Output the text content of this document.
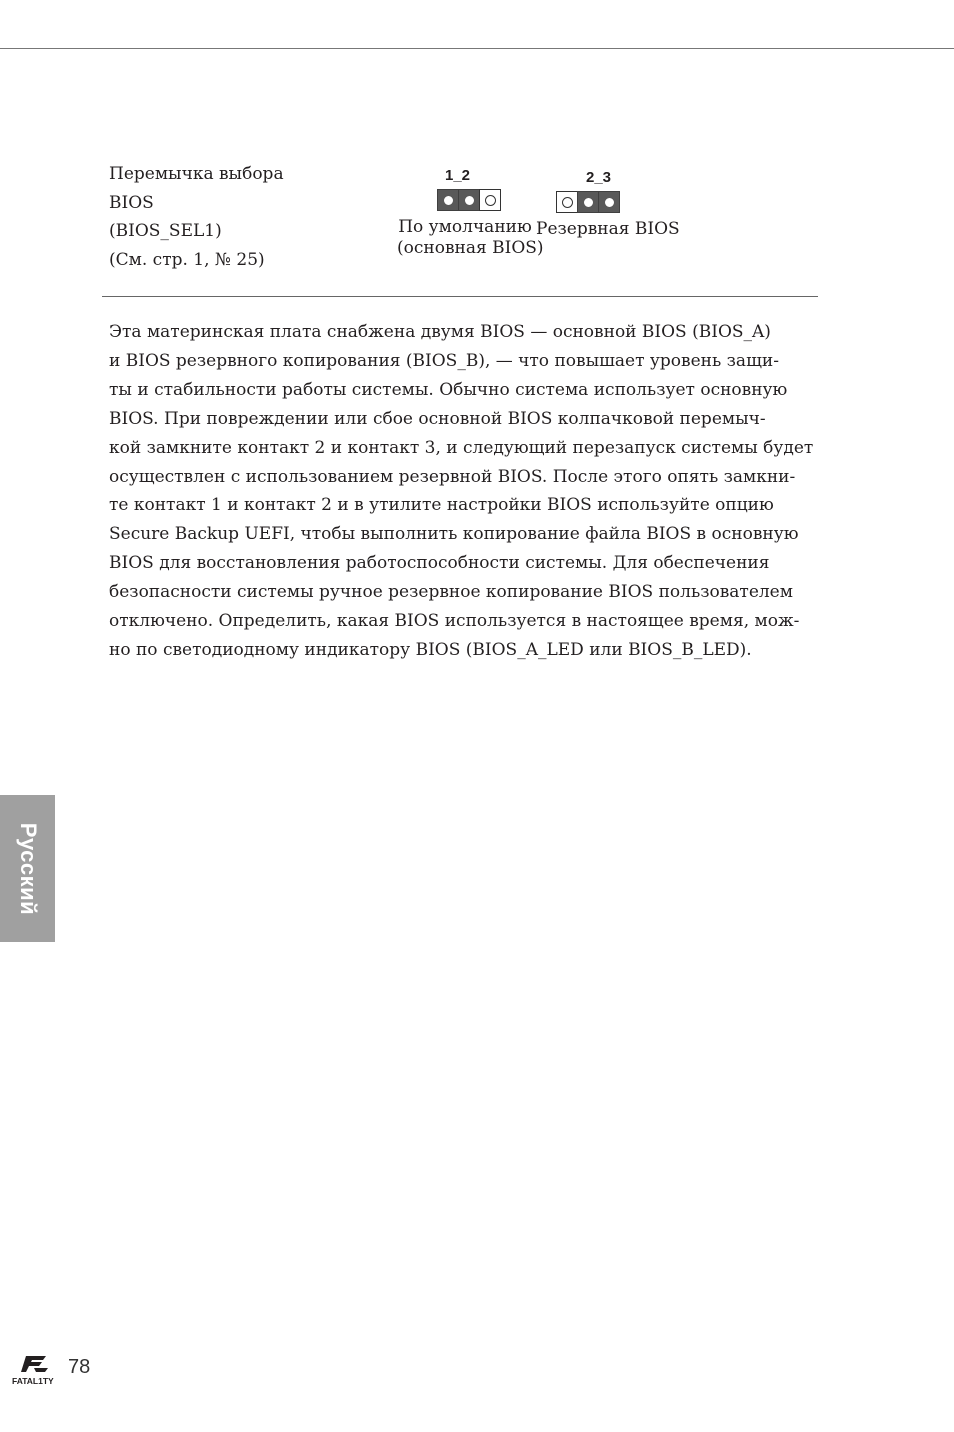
Перемычка выбора
BIOS
(BIOS_SEL1)
(См. стр. 1, № 25)
1_2
По умолчанию
(основная BIOS)
2_3
Резервная BIOS
Эта материнская плата снабжена двумя BIOS — основной BIOS (BIOS_A)
и BIOS резервного копирования (BIOS_B), — что повышает уровень защи-
ты и стабильности работы системы. Обычно система использует основную
BIOS. При повреждении или сбое основной BIOS колпачковой перемыч-
кой замкните контакт 2 и контакт 3, и следующий перезапуск системы будет
осуществлен с использованием резервной BIOS. После этого опять замкни-
те контакт 1 и контакт 2 и в утилите настройки BIOS используйте опцию
Secure Backup UEFI, чтобы выполнить копирование файла BIOS в основную
BIOS для восстановления работоспособности системы. Для обеспечения
безопасности системы ручное резервное копирование BIOS пользователем
отключено. Определить, какая BIOS используется в настоящее время, мож-
но по светодиодному индикатору BIOS (BIOS_A_LED или BIOS_B_LED).
Русский
FATAL1TY
78
